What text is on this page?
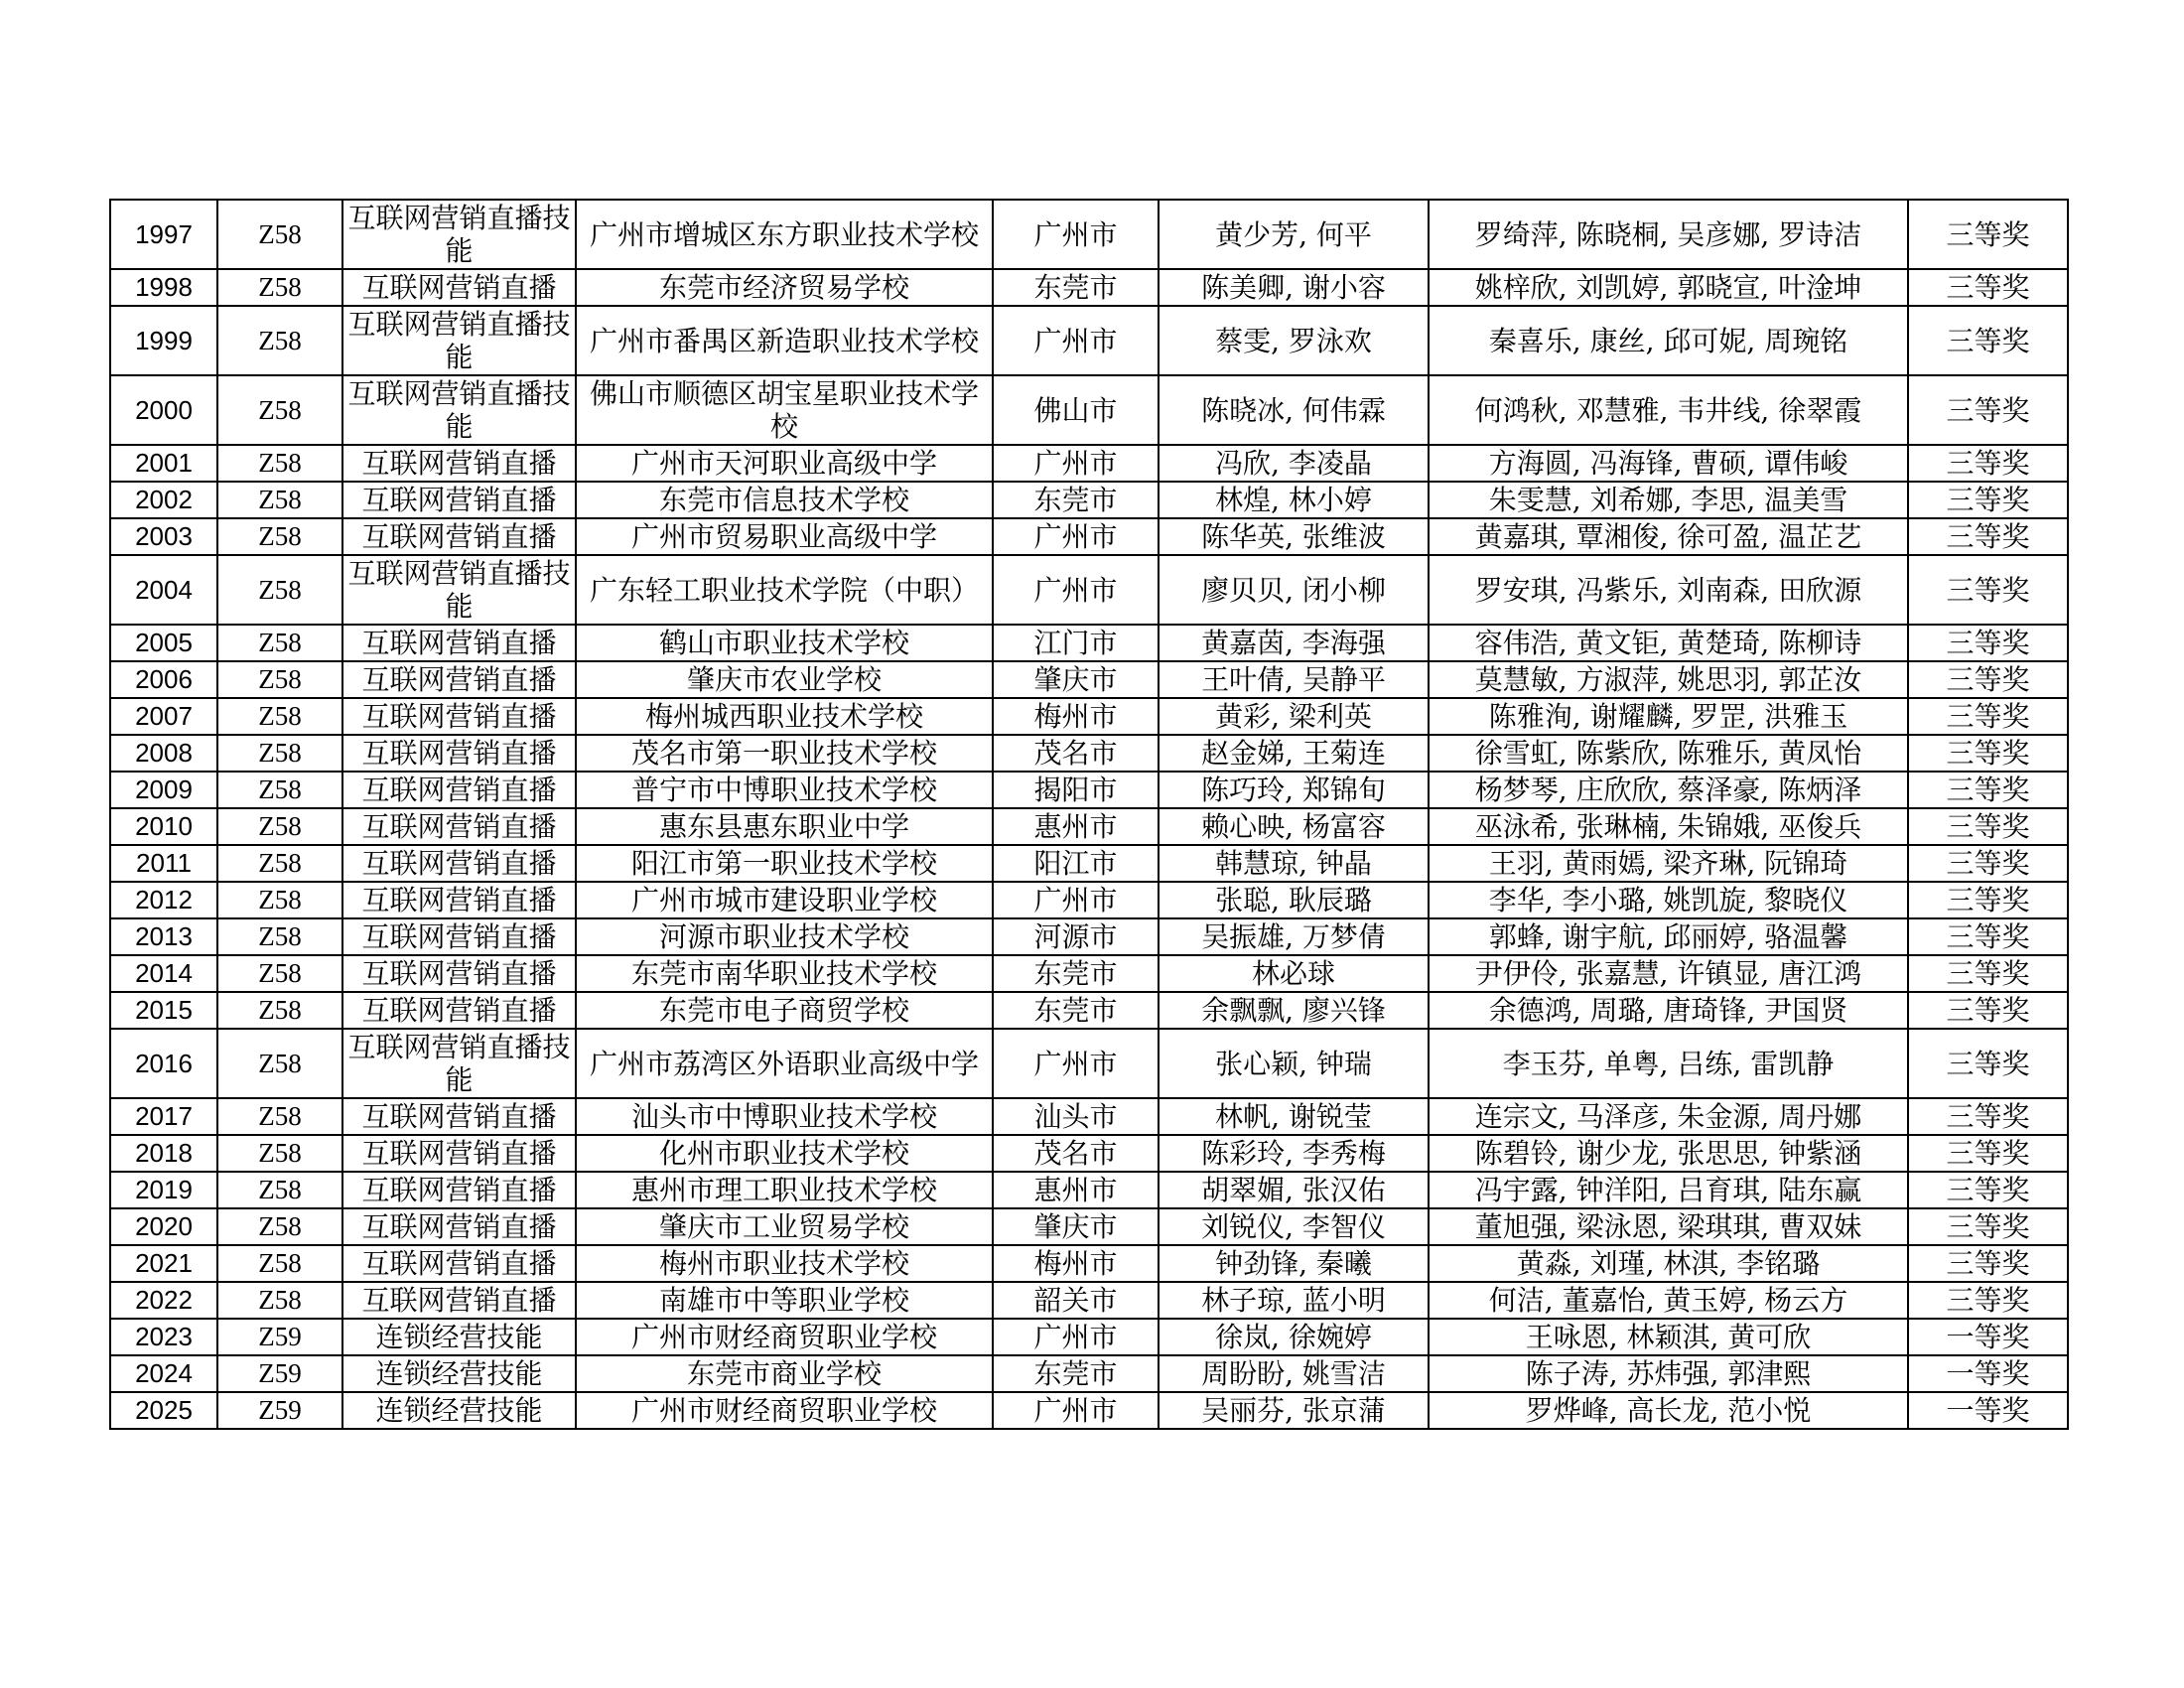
1997	Z58	互联网营销直播技能	广州市增城区东方职业技术学校	广州市	黄少芳, 何平	罗绮萍, 陈晓桐, 吴彦娜, 罗诗洁	三等奖
1998	Z58	互联网营销直播	东莞市经济贸易学校	东莞市	陈美卿, 谢小容	姚梓欣, 刘凯婷, 郭晓宣, 叶淦坤	三等奖
1999	Z58	互联网营销直播技能	广州市番禺区新造职业技术学校	广州市	蔡雯, 罗泳欢	秦喜乐, 康丝, 邱可妮, 周琬铭	三等奖
2000	Z58	互联网营销直播技能	佛山市顺德区胡宝星职业技术学校	佛山市	陈晓冰, 何伟霖	何鸿秋, 邓慧雅, 韦井线, 徐翠霞	三等奖
2001	Z58	互联网营销直播	广州市天河职业高级中学	广州市	冯欣, 李凌晶	方海圆, 冯海锋, 曹硕, 谭伟峻	三等奖
2002	Z58	互联网营销直播	东莞市信息技术学校	东莞市	林煌, 林小婷	朱雯慧, 刘希娜, 李思, 温美雪	三等奖
2003	Z58	互联网营销直播	广州市贸易职业高级中学	广州市	陈华英, 张维波	黄嘉琪, 覃湘俊, 徐可盈, 温芷艺	三等奖
2004	Z58	互联网营销直播技能	广东轻工职业技术学院（中职）	广州市	廖贝贝, 闭小柳	罗安琪, 冯紫乐, 刘南森, 田欣源	三等奖
2005	Z58	互联网营销直播	鹤山市职业技术学校	江门市	黄嘉茵, 李海强	容伟浩, 黄文钜, 黄楚琦, 陈柳诗	三等奖
2006	Z58	互联网营销直播	肇庆市农业学校	肇庆市	王叶倩, 吴静平	莫慧敏, 方淑萍, 姚思羽, 郭芷汝	三等奖
2007	Z58	互联网营销直播	梅州城西职业技术学校	梅州市	黄彩, 梁利英	陈雅洵, 谢耀麟, 罗罡, 洪雅玉	三等奖
2008	Z58	互联网营销直播	茂名市第一职业技术学校	茂名市	赵金娣, 王菊连	徐雪虹, 陈紫欣, 陈雅乐, 黄凤怡	三等奖
2009	Z58	互联网营销直播	普宁市中博职业技术学校	揭阳市	陈巧玲, 郑锦旬	杨梦琴, 庄欣欣, 蔡泽豪, 陈炳泽	三等奖
2010	Z58	互联网营销直播	惠东县惠东职业中学	惠州市	赖心映, 杨富容	巫泳希, 张琳楠, 朱锦娥, 巫俊兵	三等奖
2011	Z58	互联网营销直播	阳江市第一职业技术学校	阳江市	韩慧琼, 钟晶	王羽, 黄雨嫣, 梁齐琳, 阮锦琦	三等奖
2012	Z58	互联网营销直播	广州市城市建设职业学校	广州市	张聪, 耿辰璐	李华, 李小璐, 姚凯旋, 黎晓仪	三等奖
2013	Z58	互联网营销直播	河源市职业技术学校	河源市	吴振雄, 万梦倩	郭蜂, 谢宇航, 邱丽婷, 骆温馨	三等奖
2014	Z58	互联网营销直播	东莞市南华职业技术学校	东莞市	林必球	尹伊伶, 张嘉慧, 许镇显, 唐江鸿	三等奖
2015	Z58	互联网营销直播	东莞市电子商贸学校	东莞市	余飘飘, 廖兴锋	余德鸿, 周璐, 唐琦锋, 尹国贤	三等奖
2016	Z58	互联网营销直播技能	广州市荔湾区外语职业高级中学	广州市	张心颖, 钟瑞	李玉芬, 单粤, 吕练, 雷凯静	三等奖
2017	Z58	互联网营销直播	汕头市中博职业技术学校	汕头市	林帆, 谢锐莹	连宗文, 马泽彦, 朱金源, 周丹娜	三等奖
2018	Z58	互联网营销直播	化州市职业技术学校	茂名市	陈彩玲, 李秀梅	陈碧铃, 谢少龙, 张思思, 钟紫涵	三等奖
2019	Z58	互联网营销直播	惠州市理工职业技术学校	惠州市	胡翠媚, 张汉佑	冯宇露, 钟洋阳, 吕育琪, 陆东赢	三等奖
2020	Z58	互联网营销直播	肇庆市工业贸易学校	肇庆市	刘锐仪, 李智仪	董旭强, 梁泳恩, 梁琪琪, 曹双妹	三等奖
2021	Z58	互联网营销直播	梅州市职业技术学校	梅州市	钟劲锋, 秦曦	黄淼, 刘瑾, 林淇, 李铭璐	三等奖
2022	Z58	互联网营销直播	南雄市中等职业学校	韶关市	林子琼, 蓝小明	何洁, 董嘉怡, 黄玉婷, 杨云方	三等奖
2023	Z59	连锁经营技能	广州市财经商贸职业学校	广州市	徐岚, 徐婉婷	王咏恩, 林颖淇, 黄可欣	一等奖
2024	Z59	连锁经营技能	东莞市商业学校	东莞市	周盼盼, 姚雪洁	陈子涛, 苏炜强, 郭津熙	一等奖
2025	Z59	连锁经营技能	广州市财经商贸职业学校	广州市	吴丽芬, 张京蒲	罗烨峰, 高长龙, 范小悦	一等奖
